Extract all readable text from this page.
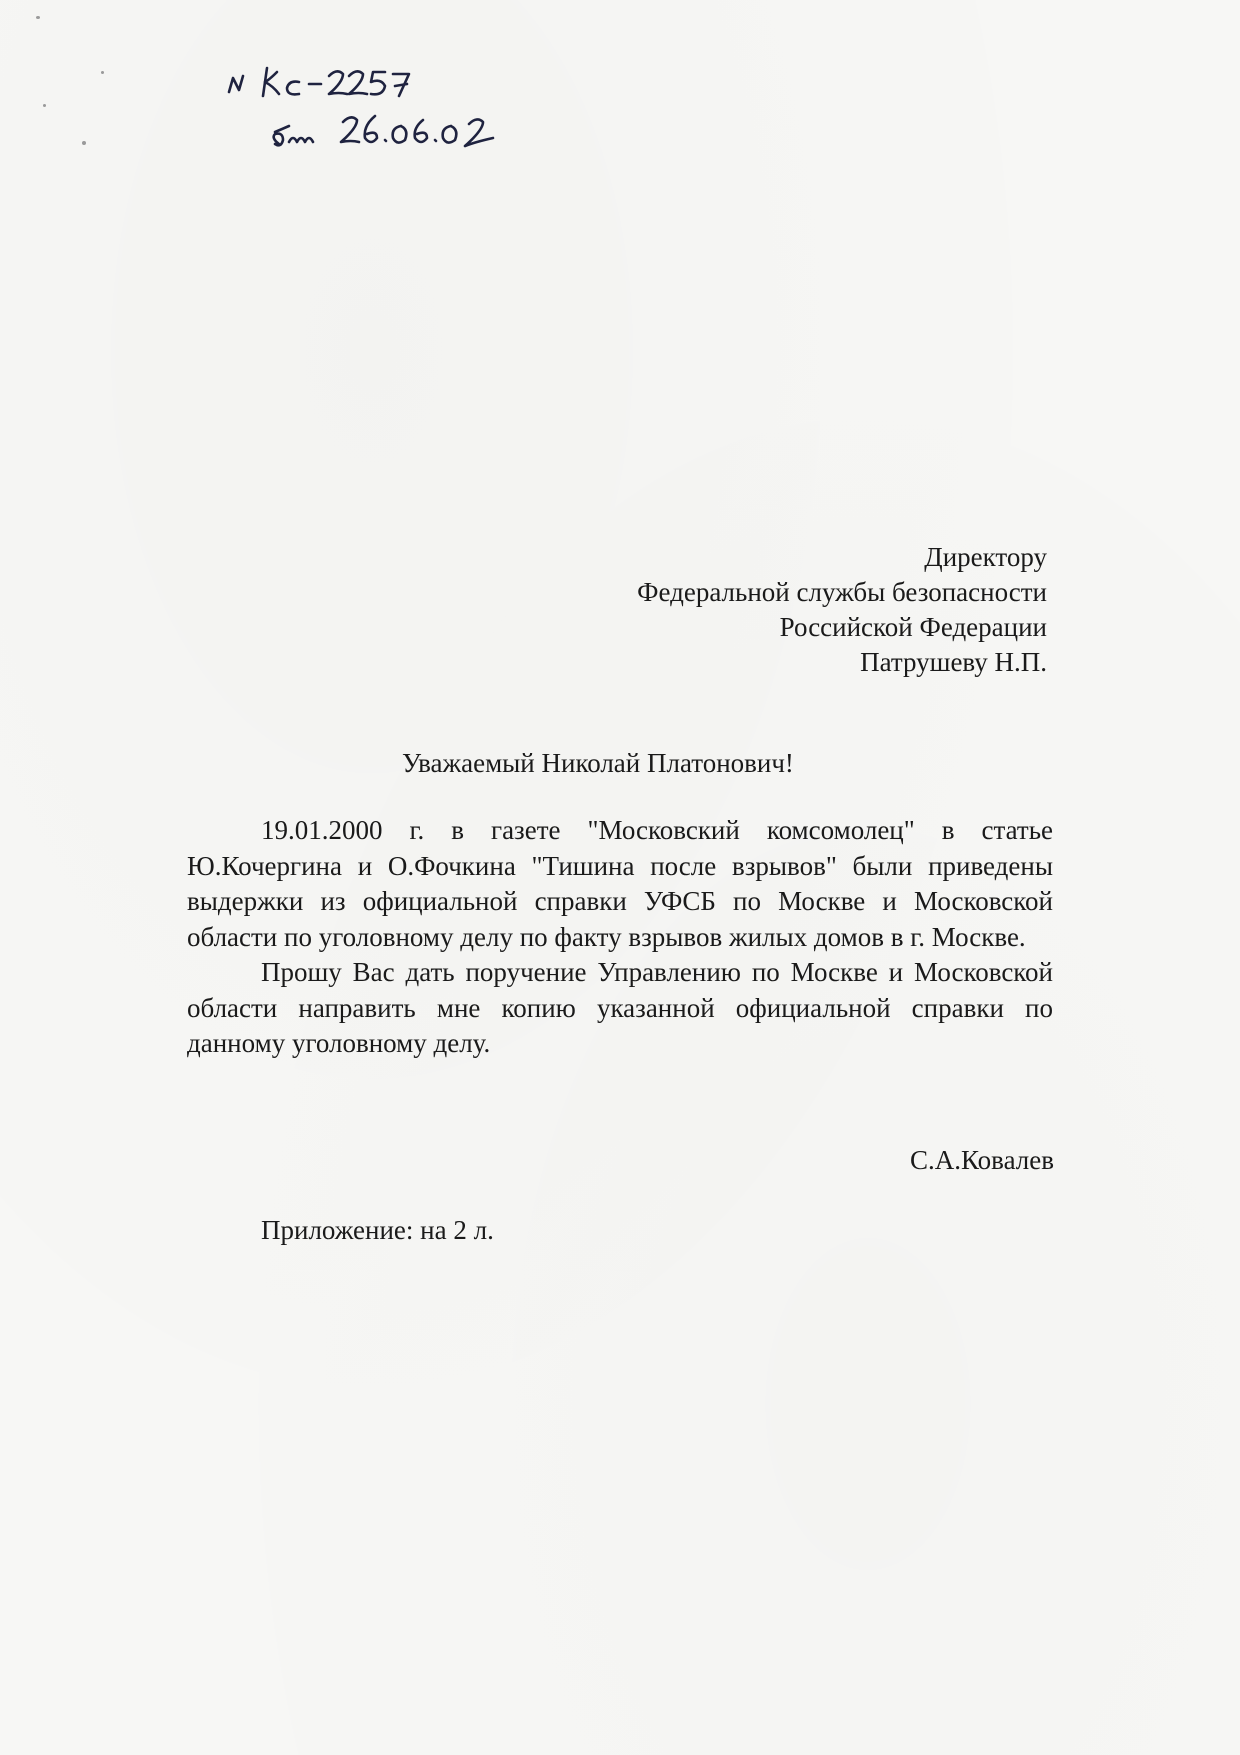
Директору
Федеральной службы безопасности
Российской Федерации
Патрушеву Н.П.
Уважаемый Николай Платонович!

19.01.2000 г. в газете "Московский комсомолец" в статье Ю.Кочергина и О.Фочкина "Тишина после взрывов" были приведены выдержки из официальной справки УФСБ по Москве и Московской области по уголовному делу по факту взрывов жилых домов в г. Москве.

Прошу Вас дать поручение Управлению по Москве и Московской области направить мне копию указанной официальной справки по данному уголовному делу.

С.А.Ковалев
Приложение: на 2 л.
